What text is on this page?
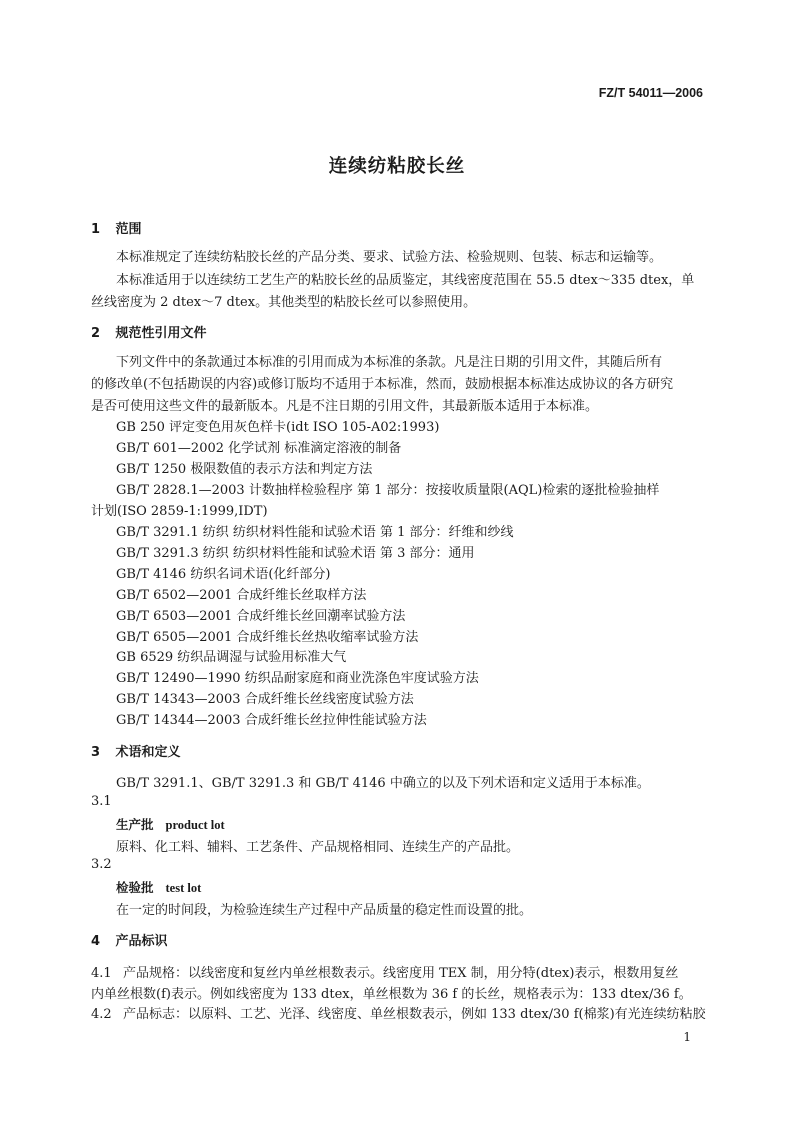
FZ/T 54011—2006
连续纺粘胶长丝
1 范围
本标准规定了连续纺粘胶长丝的产品分类、要求、试验方法、检验规则、包装、标志和运输等。
本标准适用于以连续纺工艺生产的粘胶长丝的品质鉴定，其线密度范围在 55.5 dtex～335 dtex，单
丝线密度为 2 dtex～7 dtex。其他类型的粘胶长丝可以参照使用。
2 规范性引用文件
下列文件中的条款通过本标准的引用而成为本标准的条款。凡是注日期的引用文件，其随后所有
的修改单(不包括勘误的内容)或修订版均不适用于本标准，然而，鼓励根据本标准达成协议的各方研究
是否可使用这些文件的最新版本。凡是不注日期的引用文件，其最新版本适用于本标准。
GB 250 评定变色用灰色样卡(idt ISO 105-A02:1993)
GB/T 601—2002 化学试剂 标准滴定溶液的制备
GB/T 1250 极限数值的表示方法和判定方法
GB/T 2828.1—2003 计数抽样检验程序 第 1 部分：按接收质量限(AQL)检索的逐批检验抽样
计划(ISO 2859-1:1999,IDT)
GB/T 3291.1 纺织 纺织材料性能和试验术语 第 1 部分：纤维和纱线
GB/T 3291.3 纺织 纺织材料性能和试验术语 第 3 部分：通用
GB/T 4146 纺织名词术语(化纤部分)
GB/T 6502—2001 合成纤维长丝取样方法
GB/T 6503—2001 合成纤维长丝回潮率试验方法
GB/T 6505—2001 合成纤维长丝热收缩率试验方法
GB 6529 纺织品调湿与试验用标准大气
GB/T 12490—1990 纺织品耐家庭和商业洗涤色牢度试验方法
GB/T 14343—2003 合成纤维长丝线密度试验方法
GB/T 14344—2003 合成纤维长丝拉伸性能试验方法
3 术语和定义
GB/T 3291.1、GB/T 3291.3 和 GB/T 4146 中确立的以及下列术语和定义适用于本标准。
3.1
生产批 product lot
原料、化工料、辅料、工艺条件、产品规格相同、连续生产的产品批。
3.2
检验批 test lot
在一定的时间段，为检验连续生产过程中产品质量的稳定性而设置的批。
4 产品标识
4.1 产品规格：以线密度和复丝内单丝根数表示。线密度用 TEX 制，用分特(dtex)表示，根数用复丝
内单丝根数(f)表示。例如线密度为 133 dtex，单丝根数为 36 f 的长丝，规格表示为：133 dtex/36 f。
4.2 产品标志：以原料、工艺、光泽、线密度、单丝根数表示，例如 133 dtex/30 f(棉浆)有光连续纺粘胶
1
